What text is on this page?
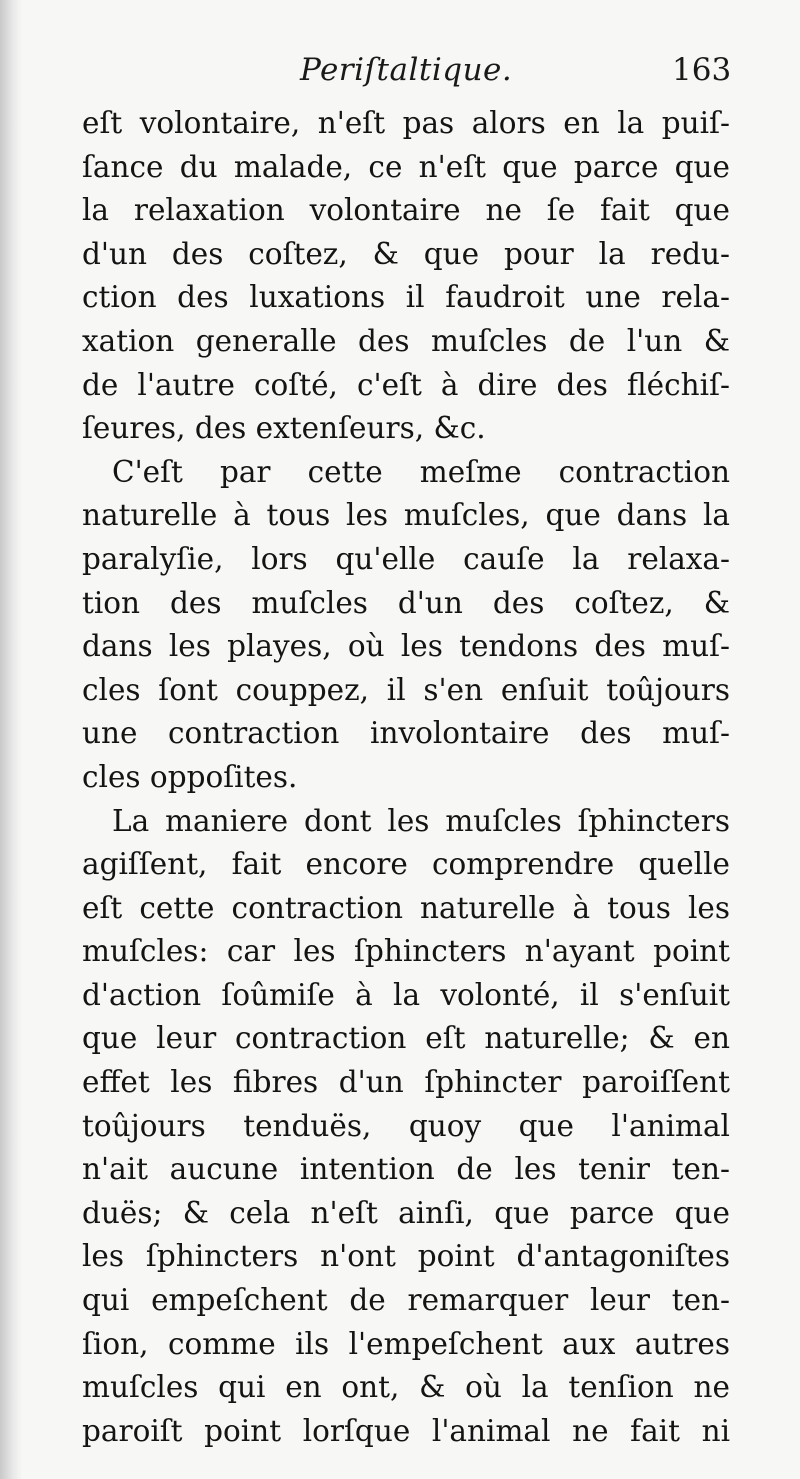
Periſtaltique.	163
eſt volontaire, n'eſt pas alors en la puiſ-
ſance du malade, ce n'eſt que parce que
la relaxation volontaire ne ſe fait que
d'un des coſtez, & que pour la redu-
ction des luxations il faudroit une rela-
xation generalle des muſcles de l'un &
de l'autre coſté, c'eſt à dire des fléchiſ-
ſeures, des extenſeurs, &c.
C'eſt par cette meſme contraction
naturelle à tous les muſcles, que dans la
paralyſie, lors qu'elle cauſe la relaxa-
tion des muſcles d'un des coſtez, &
dans les playes, où les tendons des muſ-
cles ſont couppez, il s'en enſuit toûjours
une contraction involontaire des muſ-
cles oppoſites.
La maniere dont les muſcles ſphincters
agiſſent, fait encore comprendre quelle
eſt cette contraction naturelle à tous les
muſcles: car les ſphincters n'ayant point
d'action ſoûmiſe à la volonté, il s'enſuit
que leur contraction eſt naturelle; & en
effet les fibres d'un ſphincter paroiſſent
toûjours tenduës, quoy que l'animal
n'ait aucune intention de les tenir ten-
duës; & cela n'eſt ainſi, que parce que
les ſphincters n'ont point d'antagoniſtes
qui empeſchent de remarquer leur ten-
ſion, comme ils l'empeſchent aux autres
muſcles qui en ont, & où la tenſion ne
paroiſt point lorſque l'animal ne fait ni
